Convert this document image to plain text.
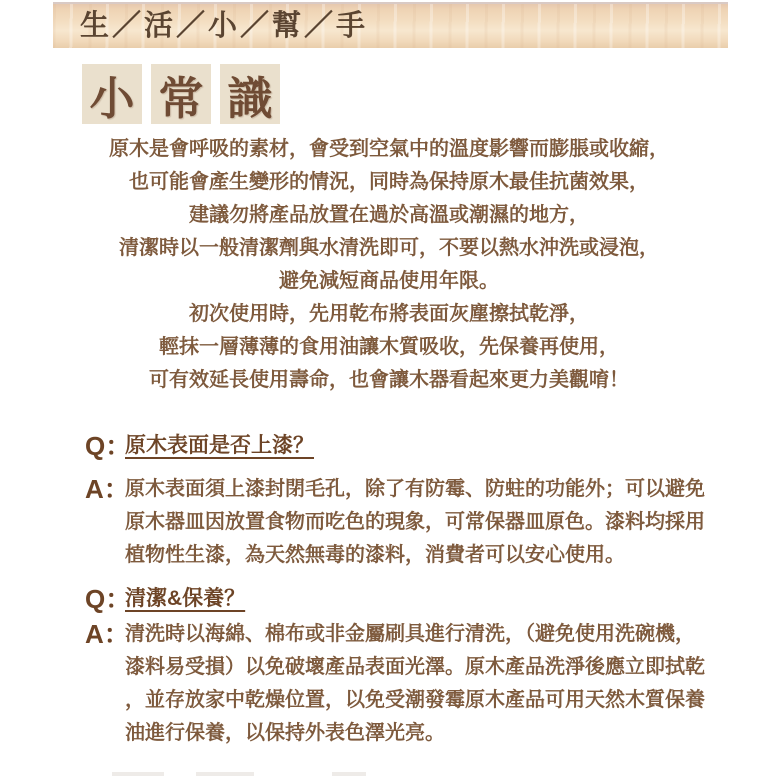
生／活／小／幫／手
小 常 識
原木是會呼吸的素材，會受到空氣中的溫度影響而膨脹或收縮，
也可能會產生變形的情況，同時為保持原木最佳抗菌效果，
建議勿將產品放置在過於高溫或潮濕的地方，
清潔時以一般清潔劑與水清洗即可，不要以熱水沖洗或浸泡，
避免減短商品使用年限。
初次使用時，先用乾布將表面灰塵擦拭乾淨，
輕抹一層薄薄的食用油讓木質吸收，先保養再使用，
可有效延長使用壽命，也會讓木器看起來更力美觀唷！
Q：
原木表面是否上漆？
A：
原木表面須上漆封閉毛孔，除了有防霉、防蛀的功能外；可以避免
原木器皿因放置食物而吃色的現象，可常保器皿原色。漆料均採用
植物性生漆，為天然無毒的漆料，消費者可以安心使用。
Q：
清潔&保養？
A：
清洗時以海綿、棉布或非金屬刷具進行清洗，（避免使用洗碗機，
漆料易受損）以免破壞產品表面光澤。原木產品洗淨後應立即拭乾
，並存放家中乾燥位置，以免受潮發霉原木產品可用天然木質保養
油進行保養，以保持外表色澤光亮。
